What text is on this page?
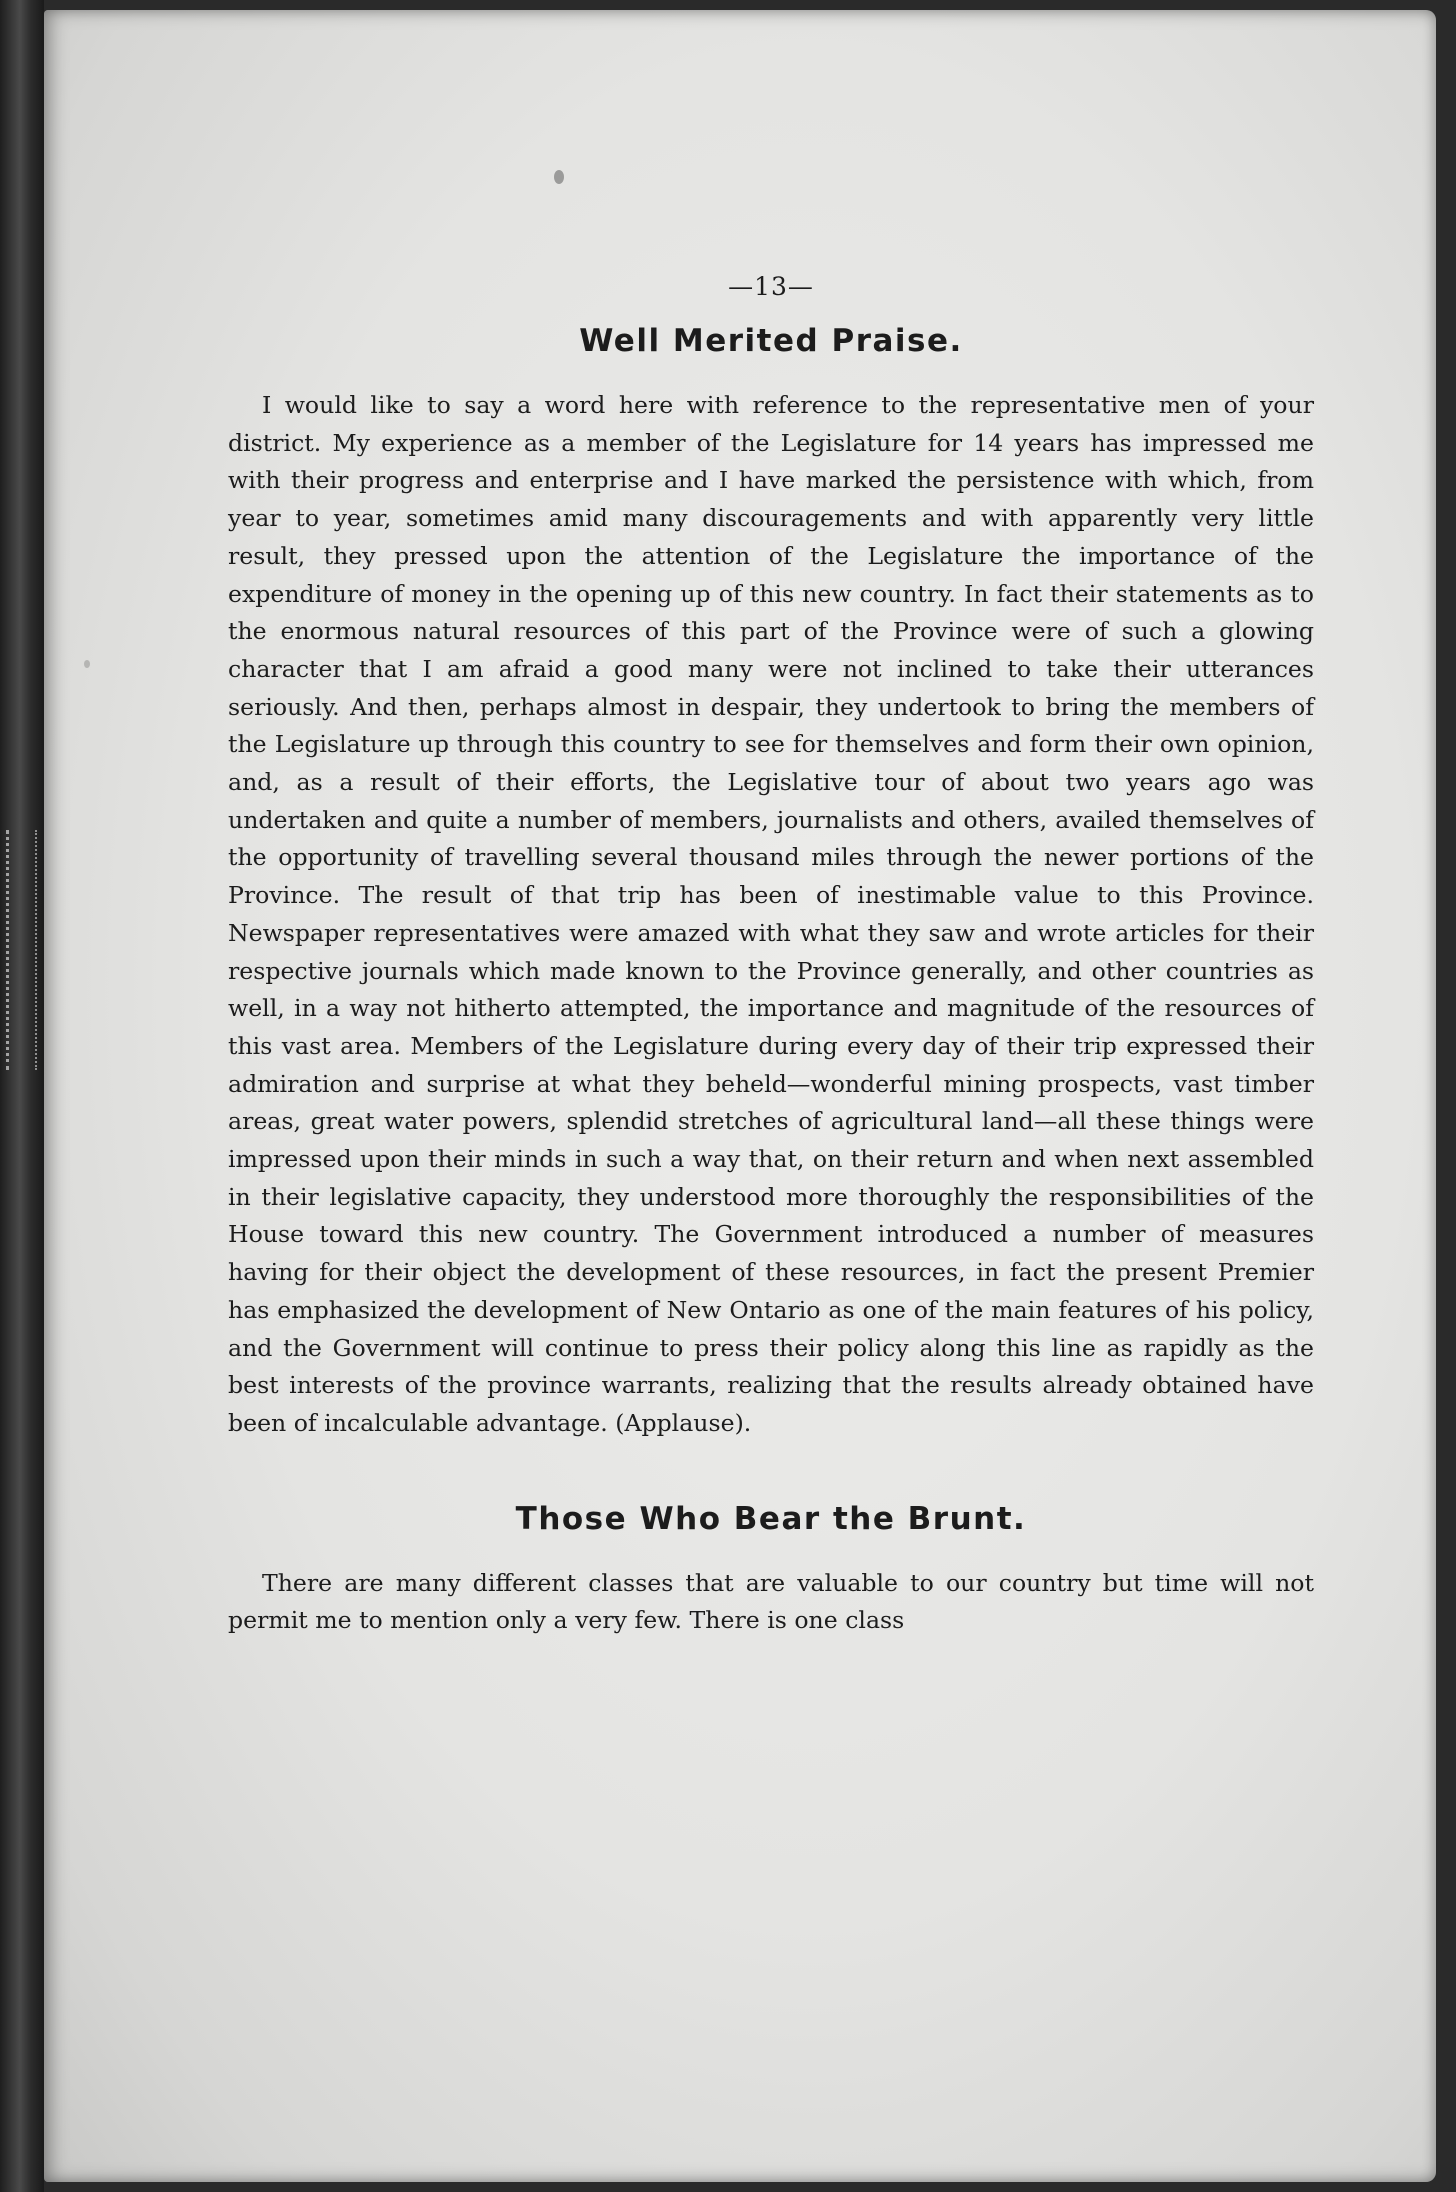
—13—
Well Merited Praise.

I would like to say a word here with reference to the representative men of your district. My experience as a member of the Legislature for 14 years has impressed me with their progress and enterprise and I have marked the persistence with which, from year to year, sometimes amid many discouragements and with apparently very little result, they pressed upon the attention of the Legislature the importance of the expenditure of money in the opening up of this new country. In fact their statements as to the enormous natural resources of this part of the Province were of such a glowing character that I am afraid a good many were not inclined to take their utterances seriously. And then, perhaps almost in despair, they undertook to bring the members of the Legislature up through this country to see for themselves and form their own opinion, and, as a result of their efforts, the Legislative tour of about two years ago was undertaken and quite a number of members, journalists and others, availed themselves of the opportunity of travelling several thousand miles through the newer portions of the Province. The result of that trip has been of inestimable value to this Province. Newspaper representatives were amazed with what they saw and wrote articles for their respective journals which made known to the Province generally, and other countries as well, in a way not hitherto attempted, the importance and magnitude of the resources of this vast area. Members of the Legislature during every day of their trip expressed their admiration and surprise at what they beheld—wonderful mining prospects, vast timber areas, great water powers, splendid stretches of agricultural land—all these things were impressed upon their minds in such a way that, on their return and when next assembled in their legislative capacity, they understood more thoroughly the responsibilities of the House toward this new country. The Government introduced a number of measures having for their object the development of these resources, in fact the present Premier has emphasized the development of New Ontario as one of the main features of his policy, and the Government will continue to press their policy along this line as rapidly as the best interests of the province warrants, realizing that the results already obtained have been of incalculable advantage. (Applause).

Those Who Bear the Brunt.

There are many different classes that are valuable to our country but time will not permit me to mention only a very few. There is one class
